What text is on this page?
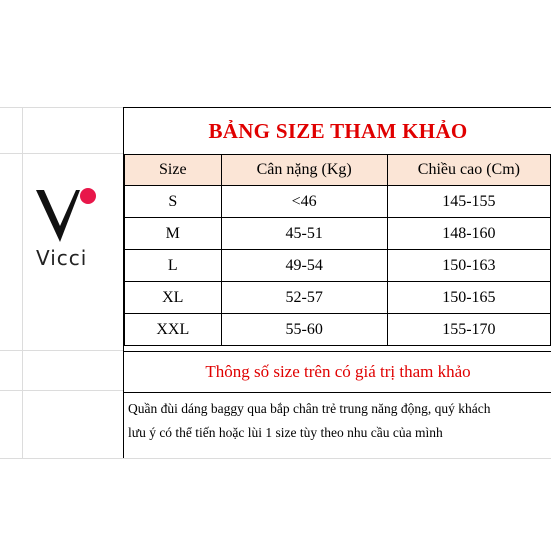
Vicci
BẢNG SIZE THAM KHẢO
Size	Cân nặng (Kg)	Chiều cao (Cm)
S	<46	145-155
M	45-51	148-160
L	49-54	150-163
XL	52-57	150-165
XXL	55-60	155-170
Thông số size trên có giá trị tham khảo
Quần đùi dáng baggy qua bắp chân trẻ trung năng động, quý khách
lưu ý có thể tiến hoặc lùi 1 size tùy theo nhu cầu của mình
